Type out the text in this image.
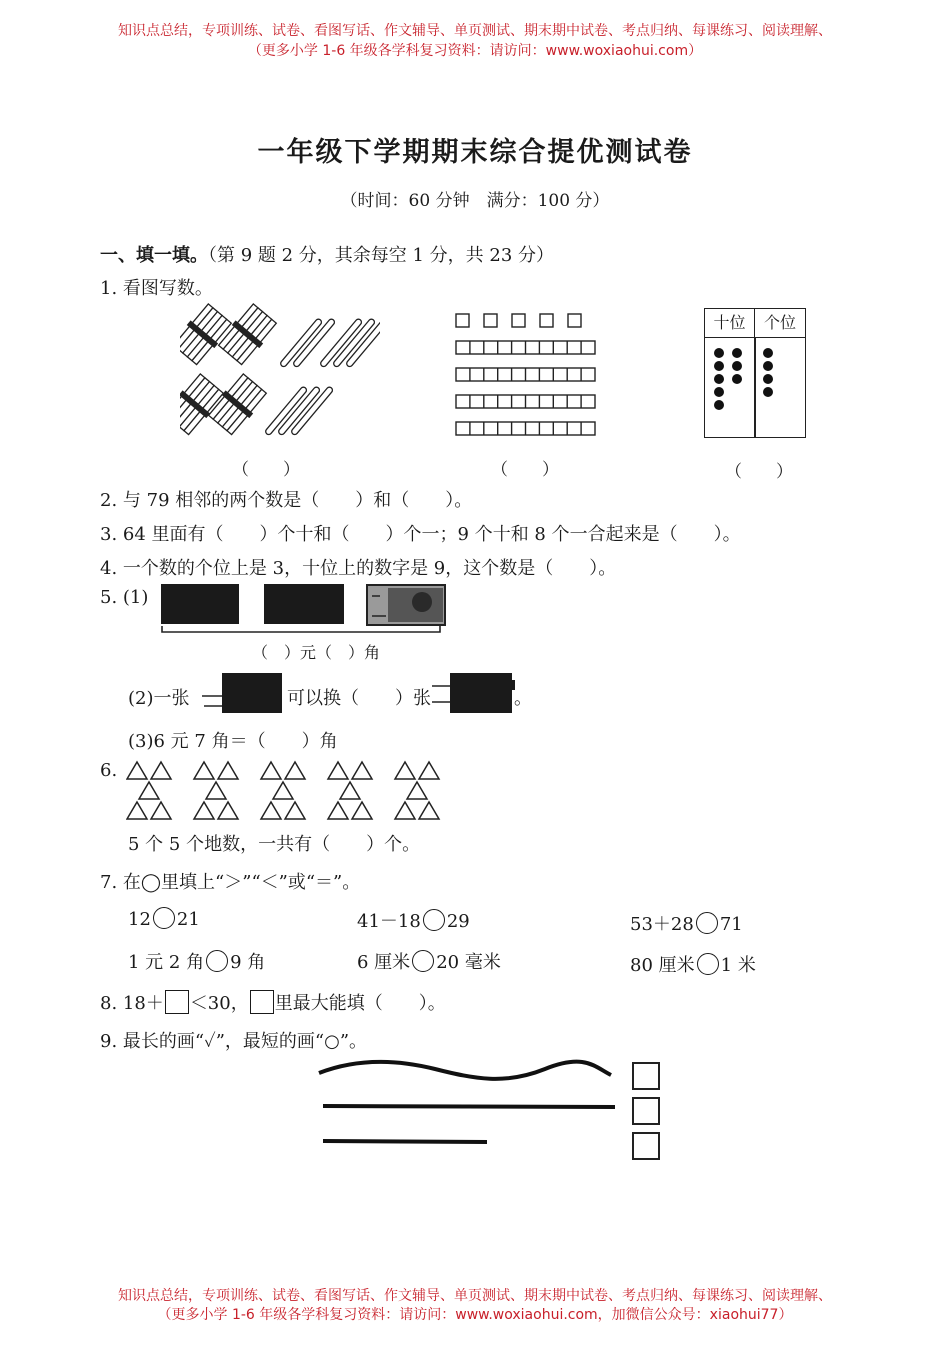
知识点总结，专项训练、试卷、看图写话、作文辅导、单页测试、期末期中试卷、考点归纳、每课练习、阅读理解、
（更多小学 1-6 年级各学科复习资料：请访问：www.woxiaohui.com）
一年级下学期期末综合提优测试卷
（时间：60 分钟　满分：100 分）
一、填一填。（第 9 题 2 分，其余每空 1 分，共 23 分）
1. 看图写数。
十位	个位
（　　）	（　　）	（　　）
2. 与 79 相邻的两个数是（　　）和（　　）。
3. 64 里面有（　　）个十和（　　）个一；9 个十和 8 个一合起来是（　　）。
4. 一个数的个位上是 3，十位上的数字是 9，这个数是（　　）。
5. (1)
（　）元（　）角
(2)一张	可以换（　　）张	。
(3)6 元 7 角＝（　　）角
6.
5 个 5 个地数，一共有（　　）个。
7. 在◯里填上“＞”“＜”或“＝”。
12 21	41－18 29	53＋28 71
1 元 2 角 9 角	6 厘米 20 毫米	80 厘米 1 米
8. 18＋ ＜30， 里最大能填（　　）。
9. 最长的画“✓”，最短的画“○”。
知识点总结，专项训练、试卷、看图写话、作文辅导、单页测试、期末期中试卷、考点归纳、每课练习、阅读理解、
（更多小学 1-6 年级各学科复习资料：请访问：www.woxiaohui.com，加微信公众号：xiaohui77）
